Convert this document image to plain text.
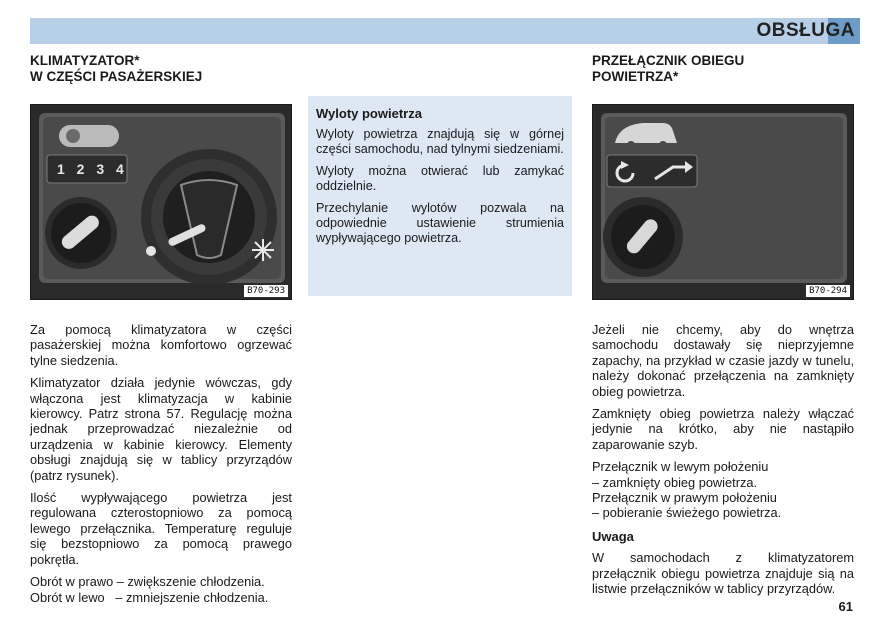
OBSŁUGA
KLIMATYZATOR*
W CZĘŚCI PASAŻERSKIEJ
1 2 3 4
B70-293

Za pomocą klimatyzatora w części pasażerskiej można komfortowo ogrzewać tylne siedzenia.

Klimatyzator działa jedynie wówczas, gdy włączona jest klimatyzacja w kabinie kierowcy. Patrz strona 57. Regulację można jednak przeprowadzać niezależnie od urządzenia w kabinie kierowcy. Elementy obsługi znajdują się w tablicy przyrządów (patrz rysunek).

Ilość wypływającego powietrza jest regulowana czterostopniowo za pomocą lewego przełącznika. Temperaturę reguluje się bezstopniowo za pomocą prawego pokrętła.

Obrót w prawo – zwiększenie chłodzenia.
Obrót w lewo   – zmniejszenie chłodzenia.
Wyloty powietrza

Wyloty powietrza znajdują się w górnej części samochodu, nad tylnymi siedzeniami.

Wyloty można otwierać lub zamykać oddzielnie.

Przechylanie wylotów pozwala na odpowiednie ustawienie strumienia wypływającego powietrza.

PRZEŁĄCZNIK OBIEGU
POWIETRZA*
B70-294

Jeżeli nie chcemy, aby do wnętrza samochodu dostawały się nieprzyjemne zapachy, na przykład w czasie jazdy w tunelu, należy dokonać przełączenia na zamknięty obieg powietrza.

Zamknięty obieg powietrza należy włączać jedynie na krótko, aby nie nastąpiło zaparowanie szyb.

Przełącznik w lewym położeniu
– zamknięty obieg powietrza.
Przełącznik w prawym położeniu
– pobieranie świeżego powietrza.
Uwaga

W samochodach z klimatyzatorem przełącznik obiegu powietrza znajduje sią na listwie przełączników w tablicy przyrządów.

61
